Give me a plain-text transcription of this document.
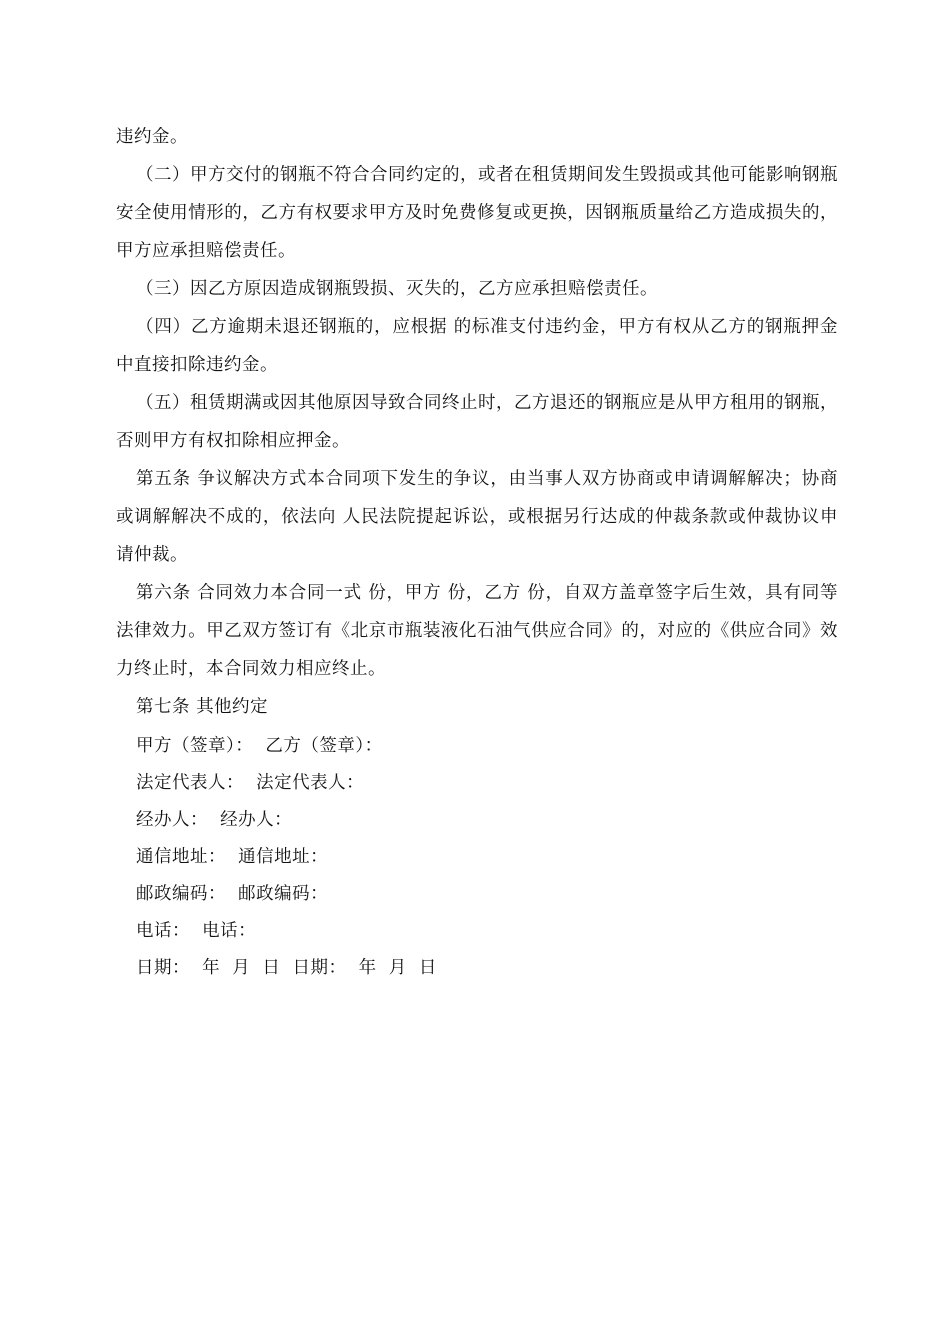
违约金。

（二）甲方交付的钢瓶不符合合同约定的，或者在租赁期间发生毁损或其他可能影响钢瓶安全使用情形的，乙方有权要求甲方及时免费修复或更换，因钢瓶质量给乙方造成损失的，甲方应承担赔偿责任。

（三）因乙方原因造成钢瓶毁损、灭失的，乙方应承担赔偿责任。

（四）乙方逾期未退还钢瓶的，应根据 的标准支付违约金，甲方有权从乙方的钢瓶押金中直接扣除违约金。

（五）租赁期满或因其他原因导致合同终止时，乙方退还的钢瓶应是从甲方租用的钢瓶，否则甲方有权扣除相应押金。

第五条 争议解决方式本合同项下发生的争议，由当事人双方协商或申请调解解决；协商或调解解决不成的，依法向 人民法院提起诉讼，或根据另行达成的仲裁条款或仲裁协议申请仲裁。

第六条 合同效力本合同一式 份，甲方 份，乙方 份，自双方盖章签字后生效，具有同等法律效力。甲乙双方签订有《北京市瓶装液化石油气供应合同》的，对应的《供应合同》效力终止时，本合同效力相应终止。

第七条 其他约定

甲方（签章）：  乙方（签章）：

法定代表人：  法定代表人：

经办人：  经办人：

通信地址：  通信地址：

邮政编码：  邮政编码：

电话：  电话：

日期：  年  月  日  日期：  年  月  日
